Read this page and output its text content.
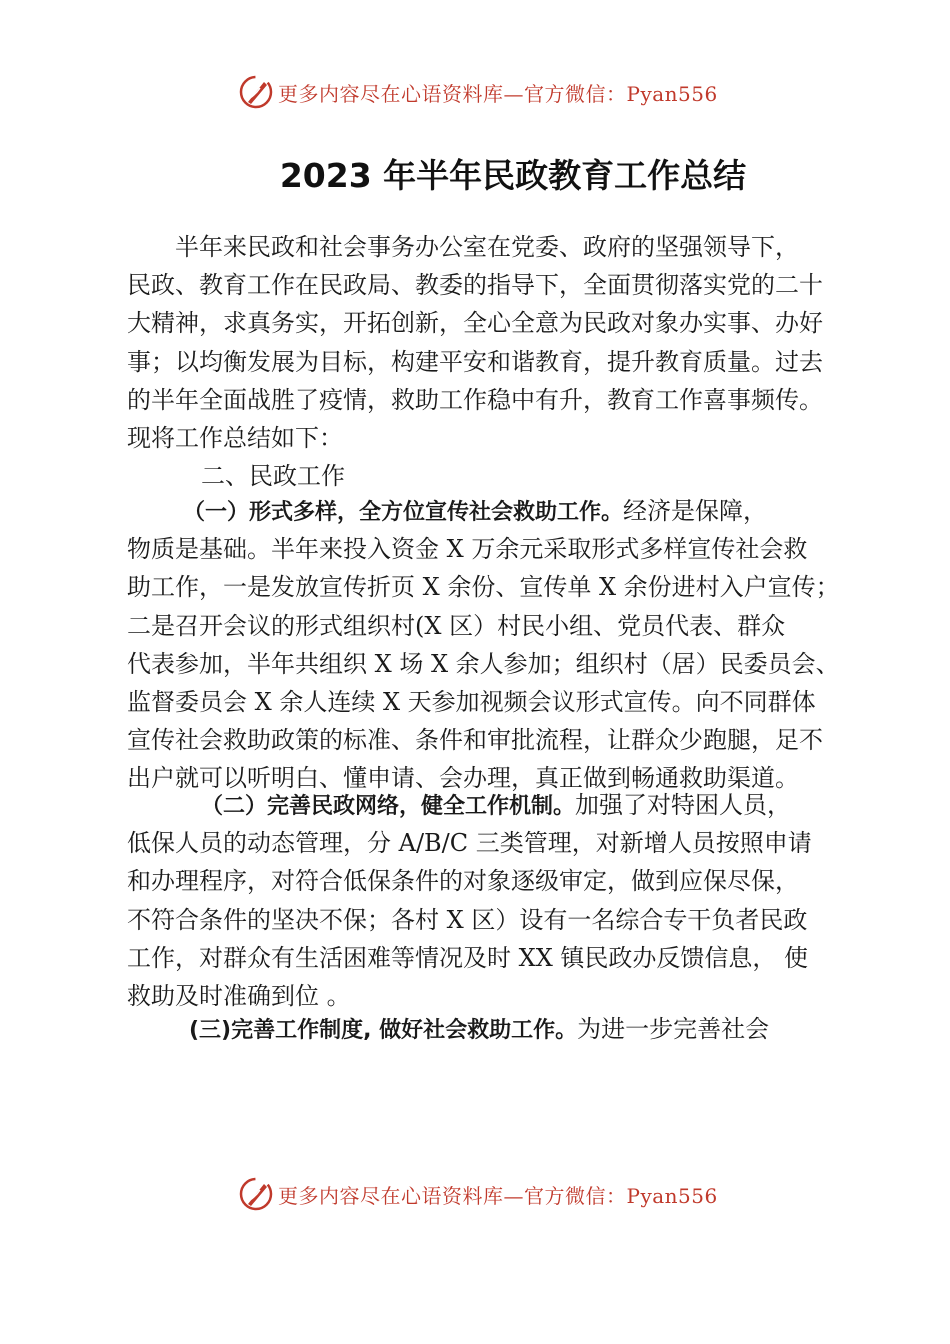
更多内容尽在心语资料库—官方微信：Pyan556
2023 年半年民政教育工作总结
半年来民政和社会事务办公室在党委、政府的坚强领导下，
民政、教育工作在民政局、教委的指导下，全面贯彻落实党的二十
大精神，求真务实，开拓创新，全心全意为民政对象办实事、办好
事；以均衡发展为目标，构建平安和谐教育，提升教育质量。过去
的半年全面战胜了疫情，救助工作稳中有升，教育工作喜事频传。
现将工作总结如下：
二、民政工作
（一）形式多样，全方位宣传社会救助工作。经济是保障，
物质是基础。半年来投入资金 X 万余元采取形式多样宣传社会救
助工作，一是发放宣传折页 X 余份、宣传单 X 余份进村入户宣传；
二是召开会议的形式组织村(X 区）村民小组、党员代表、群众
代表参加，半年共组织 X 场 X 余人参加；组织村（居）民委员会、
监督委员会 X 余人连续 X 天参加视频会议形式宣传。向不同群体
宣传社会救助政策的标准、条件和审批流程，让群众少跑腿，足不
出户就可以听明白、懂申请、会办理，真正做到畅通救助渠道。
（二）完善民政网络，健全工作机制。加强了对特困人员，
低保人员的动态管理，分 A/B/C 三类管理，对新增人员按照申请
和办理程序，对符合低保条件的对象逐级审定，做到应保尽保，
不符合条件的坚决不保；各村 X 区）设有一名综合专干负者民政
工作，对群众有生活困难等情况及时 XX 镇民政办反馈信息， 使
救助及时准确到位 。
(三)完善工作制度, 做好社会救助工作。为进一步完善社会
更多内容尽在心语资料库—官方微信：Pyan556
